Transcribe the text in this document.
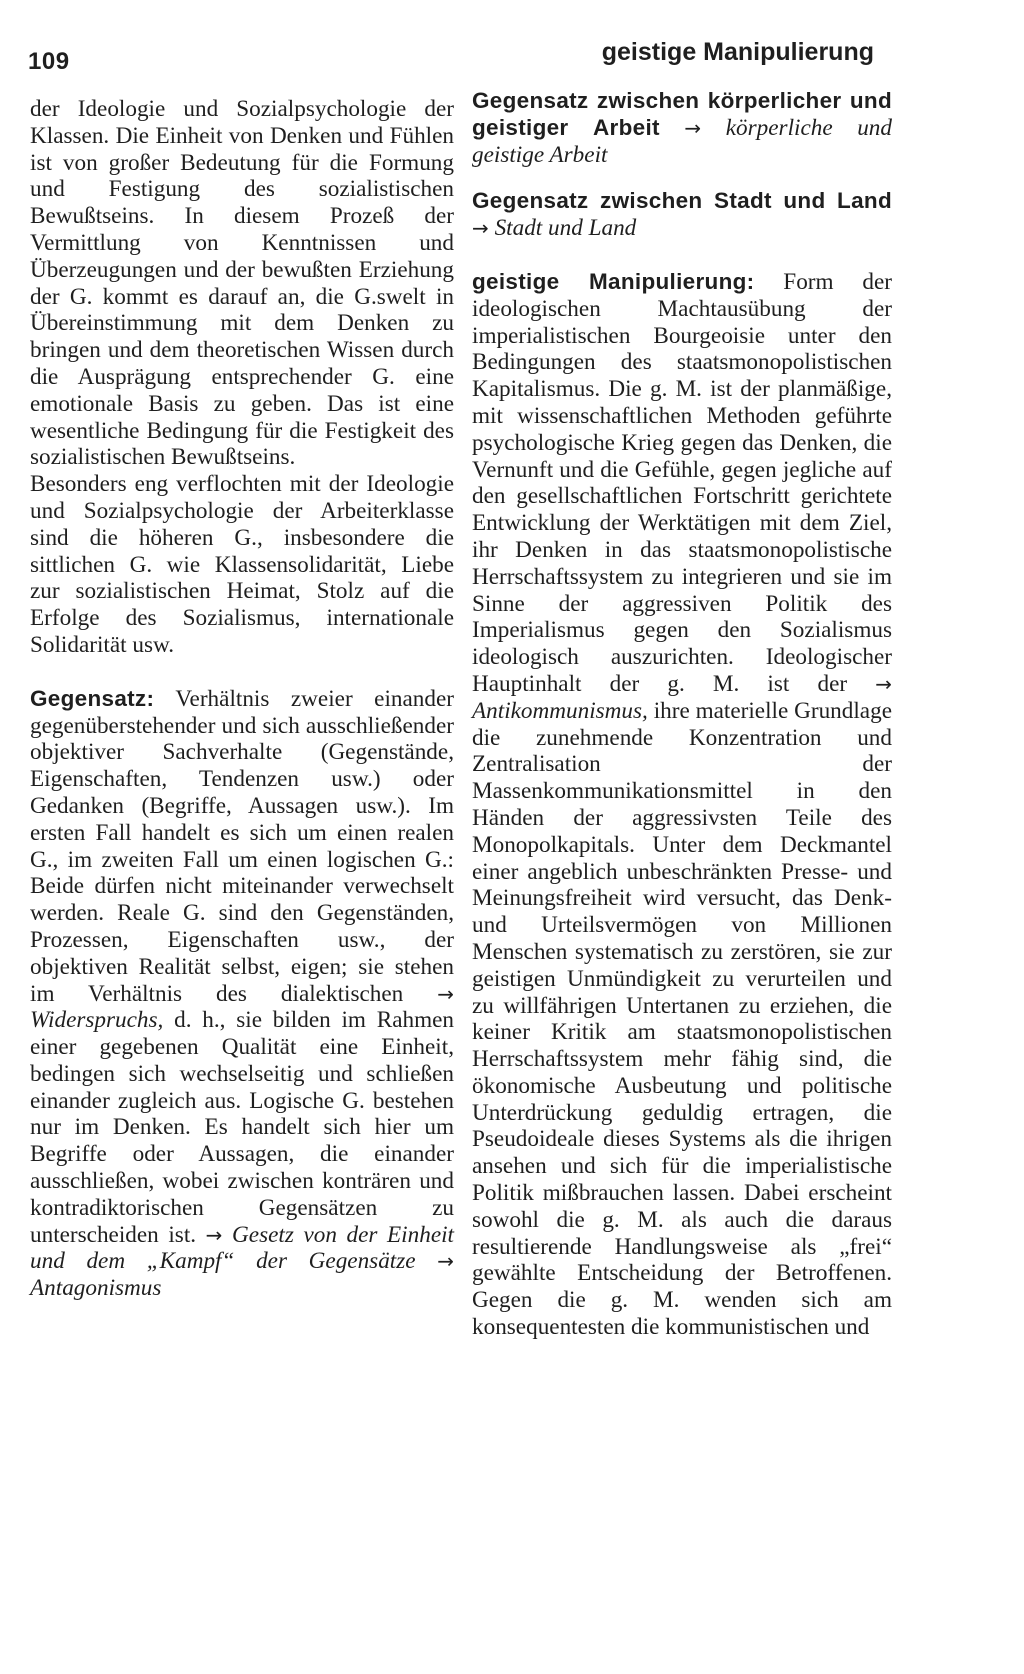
109	geistige Manipulierung

der Ideologie und Sozialpsychologie der Klassen. Die Einheit von Denken und Fühlen ist von großer Bedeutung für die Formung und Festigung des sozialistischen Bewußtseins. In diesem Prozeß der Vermittlung von Kenntnissen und Überzeugungen und der bewußten Erziehung der G. kommt es darauf an, die G.swelt in Übereinstimmung mit dem Denken zu bringen und dem theoretischen Wissen durch die Ausprägung entsprechender G. eine emotionale Basis zu geben. Das ist eine wesentliche Bedingung für die Festigkeit des sozialistischen Bewußtseins.

Besonders eng verflochten mit der Ideologie und Sozialpsychologie der Arbeiterklasse sind die höheren G., insbesondere die sittlichen G. wie Klassensolidarität, Liebe zur sozialistischen Heimat, Stolz auf die Erfolge des Sozialismus, internationale Solidarität usw.

Gegensatz: Verhältnis zweier einander gegenüberstehender und sich ausschließender objektiver Sachverhalte (Gegenstände, Eigenschaften, Tendenzen usw.) oder Gedanken (Begriffe, Aussagen usw.). Im ersten Fall handelt es sich um einen realen G., im zweiten Fall um einen logischen G.: Beide dürfen nicht miteinander verwechselt werden. Reale G. sind den Gegenständen, Prozessen, Eigenschaften usw., der objektiven Realität selbst, eigen; sie stehen im Verhältnis des dialektischen → Widerspruchs, d. h., sie bilden im Rahmen einer gegebenen Qualität eine Einheit, bedingen sich wechselseitig und schließen einander zugleich aus. Logische G. bestehen nur im Denken. Es handelt sich hier um Begriffe oder Aussagen, die einander ausschließen, wobei zwischen konträren und kontradiktorischen Gegensätzen zu unterscheiden ist. → Gesetz von der Einheit und dem „Kampf“ der Gegensätze → Antagonismus

Gegensatz zwischen körperlicher und geistiger Arbeit → körperliche und geistige Arbeit

Gegensatz zwischen Stadt und Land → Stadt und Land

geistige Manipulierung: Form der ideologischen Machtausübung der imperialistischen Bourgeoisie unter den Bedingungen des staatsmonopolistischen Kapitalismus. Die g. M. ist der planmäßige, mit wissenschaftlichen Methoden geführte psychologische Krieg gegen das Denken, die Vernunft und die Gefühle, gegen jegliche auf den gesellschaftlichen Fortschritt gerichtete Entwicklung der Werktätigen mit dem Ziel, ihr Denken in das staatsmonopolistische Herrschaftssystem zu integrieren und sie im Sinne der aggressiven Politik des Imperialismus gegen den Sozialismus ideologisch auszurichten. Ideologischer Hauptinhalt der g. M. ist der → Antikommunismus, ihre materielle Grundlage die zunehmende Konzentration und Zentralisation der Massenkommunikationsmittel in den Händen der aggressivsten Teile des Monopolkapitals. Unter dem Deckmantel einer angeblich unbeschränkten Presse- und Meinungsfreiheit wird versucht, das Denk- und Urteilsvermögen von Millionen Menschen systematisch zu zerstören, sie zur geistigen Unmündigkeit zu verurteilen und zu willfährigen Untertanen zu erziehen, die keiner Kritik am staatsmonopolistischen Herrschaftssystem mehr fähig sind, die ökonomische Ausbeutung und politische Unterdrückung geduldig ertragen, die Pseudoideale dieses Systems als die ihrigen ansehen und sich für die imperialistische Politik mißbrauchen lassen. Dabei erscheint sowohl die g. M. als auch die daraus resultierende Handlungsweise als „frei“ gewählte Entscheidung der Betroffenen. Gegen die g. M. wenden sich am konsequentesten die kommunistischen und
